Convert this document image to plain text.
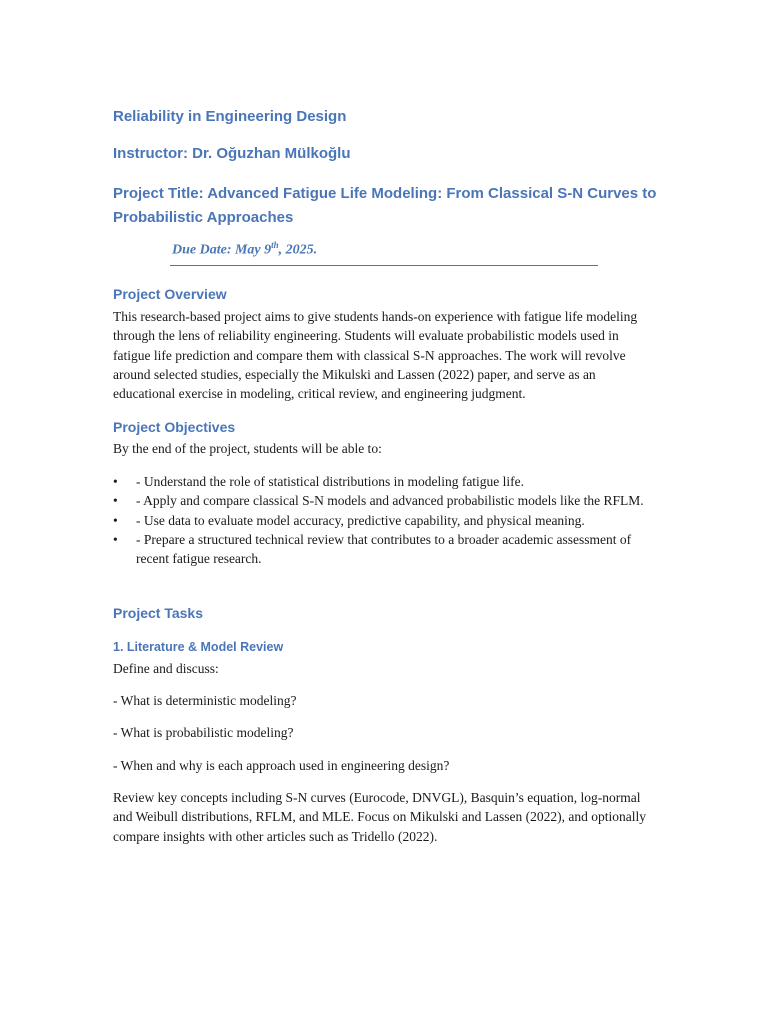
Reliability in Engineering Design
Instructor: Dr. Oğuzhan Mülkoğlu
Project Title: Advanced Fatigue Life Modeling: From Classical S-N Curves to
Probabilistic Approaches

Due Date: May 9th, 2025.

Project Overview

This research-based project aims to give students hands-on experience with fatigue life modeling through the lens of reliability engineering. Students will evaluate probabilistic models used in fatigue life prediction and compare them with classical S-N approaches. The work will revolve around selected studies, especially the Mikulski and Lassen (2022) paper, and serve as an educational exercise in modeling, critical review, and engineering judgment.

Project Objectives

By the end of the project, students will be able to:

• - Understand the role of statistical distributions in modeling fatigue life.
• - Apply and compare classical S-N models and advanced probabilistic models like the RFLM.
• - Use data to evaluate model accuracy, predictive capability, and physical meaning.
• - Prepare a structured technical review that contributes to a broader academic assessment of recent fatigue research.
Project Tasks
1. Literature & Model Review

Define and discuss:

- What is deterministic modeling?

- What is probabilistic modeling?

- When and why is each approach used in engineering design?

Review key concepts including S-N curves (Eurocode, DNVGL), Basquin’s equation, log-normal and Weibull distributions, RFLM, and MLE. Focus on Mikulski and Lassen (2022), and optionally compare insights with other articles such as Tridello (2022).
